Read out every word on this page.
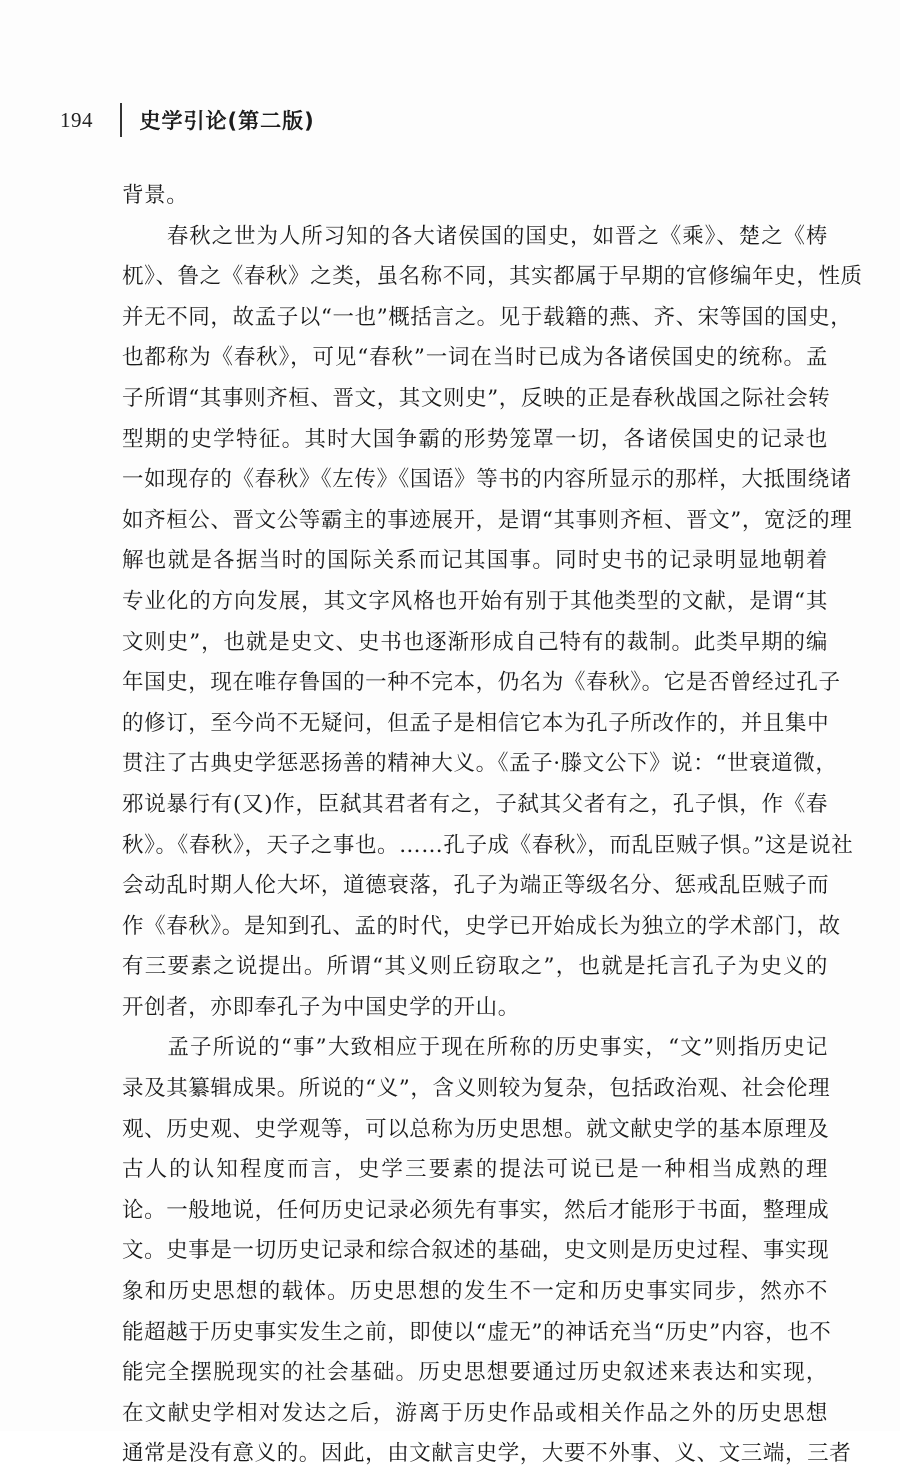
194	史学引论(第二版)
背景。
　　春秋之世为人所习知的各大诸侯国的国史，如晋之《乘》、楚之《梼
杌》、鲁之《春秋》之类，虽名称不同，其实都属于早期的官修编年史，性质
并无不同，故孟子以“一也”概括言之。见于载籍的燕、齐、宋等国的国史，
也都称为《春秋》，可见“春秋”一词在当时已成为各诸侯国史的统称。孟
子所谓“其事则齐桓、晋文，其文则史”，反映的正是春秋战国之际社会转
型期的史学特征。其时大国争霸的形势笼罩一切，各诸侯国史的记录也
一如现存的《春秋》《左传》《国语》等书的内容所显示的那样，大抵围绕诸
如齐桓公、晋文公等霸主的事迹展开，是谓“其事则齐桓、晋文”，宽泛的理
解也就是各据当时的国际关系而记其国事。同时史书的记录明显地朝着
专业化的方向发展，其文字风格也开始有别于其他类型的文献，是谓“其
文则史”，也就是史文、史书也逐渐形成自己特有的裁制。此类早期的编
年国史，现在唯存鲁国的一种不完本，仍名为《春秋》。它是否曾经过孔子
的修订，至今尚不无疑问，但孟子是相信它本为孔子所改作的，并且集中
贯注了古典史学惩恶扬善的精神大义。《孟子·滕文公下》说：“世衰道微，
邪说暴行有(又)作，臣弑其君者有之，子弑其父者有之，孔子惧，作《春
秋》。《春秋》，天子之事也。……孔子成《春秋》，而乱臣贼子惧。”这是说社
会动乱时期人伦大坏，道德衰落，孔子为端正等级名分、惩戒乱臣贼子而
作《春秋》。是知到孔、孟的时代，史学已开始成长为独立的学术部门，故
有三要素之说提出。所谓“其义则丘窃取之”，也就是托言孔子为史义的
开创者，亦即奉孔子为中国史学的开山。
　　孟子所说的“事”大致相应于现在所称的历史事实，“文”则指历史记
录及其纂辑成果。所说的“义”，含义则较为复杂，包括政治观、社会伦理
观、历史观、史学观等，可以总称为历史思想。就文献史学的基本原理及
古人的认知程度而言，史学三要素的提法可说已是一种相当成熟的理
论。一般地说，任何历史记录必须先有事实，然后才能形于书面，整理成
文。史事是一切历史记录和综合叙述的基础，史文则是历史过程、事实现
象和历史思想的载体。历史思想的发生不一定和历史事实同步，然亦不
能超越于历史事实发生之前，即使以“虚无”的神话充当“历史”内容，也不
能完全摆脱现实的社会基础。历史思想要通过历史叙述来表达和实现，
在文献史学相对发达之后，游离于历史作品或相关作品之外的历史思想
通常是没有意义的。因此，由文献言史学，大要不外事、义、文三端，三者
